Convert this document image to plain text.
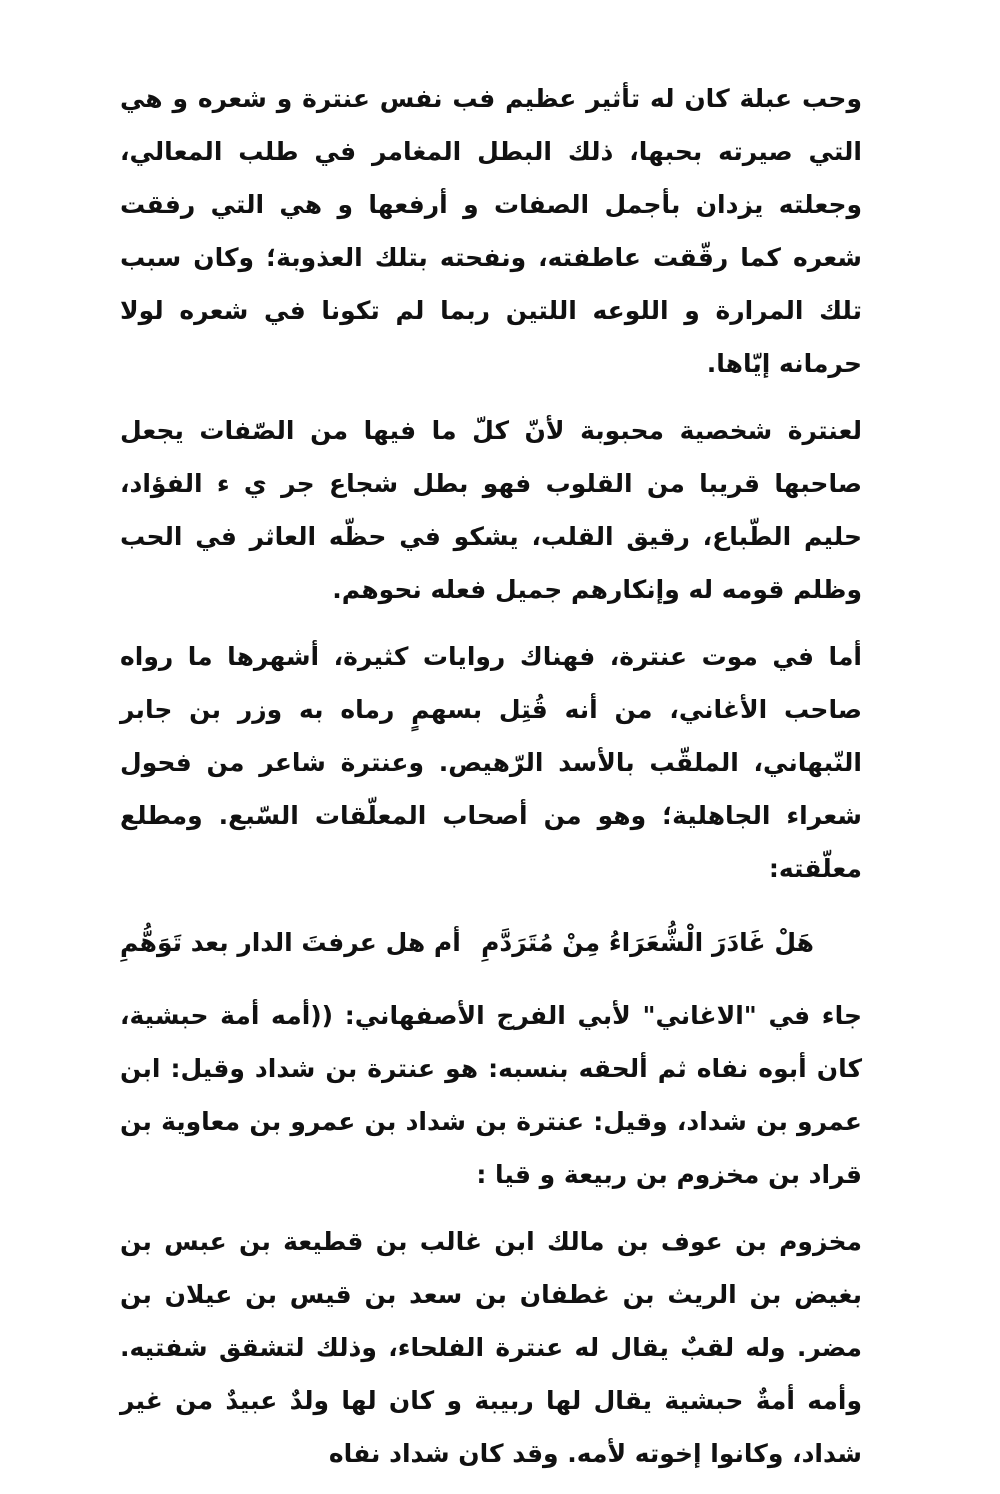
وحب عبلة كان له تأثير عظيم فب نفس عنترة و شعره و هي التي صيرته بحبها، ذلك البطل المغامر في طلب المعالي، وجعلته يزدان بأجمل الصفات و أرفعها و هي التي رفقت شعره كما رقّقت عاطفته، ونفحته بتلك العذوبة؛ وكان سبب تلك المرارة و اللوعه اللتين ربما لم تكونا في شعره لولا حرمانه إيّاها.

لعنترة شخصية محبوبة لأنّ كلّ ما فيها من الصّفات يجعل صاحبها قريبا من القلوب فهو بطل شجاع جر ي ء الفؤاد، حليم الطّباع، رقيق القلب، يشكو في حظّه العاثر في الحب وظلم قومه له وإنكارهم جميل فعله نحوهم.

أما في موت عنترة، فهناك روايات كثيرة، أشهرها ما رواه صاحب الأغاني، من أنه قُتِل بسهمٍ رماه به وزر بن جابر النّبهاني، الملقّب بالأسد الرّهيص. وعنترة شاعر من فحول شعراء الجاهلية؛ وهو من أصحاب المعلّقات السّبع. ومطلع معلّقته:

هَلْ غَادَرَ الْشُّعَرَاءُ مِنْ مُتَرَدَّمِ
أم هل عرفتَ الدار بعد تَوَهُّمِ

جاء في "الاغاني" لأبي الفرج الأصفهاني: ((أمه أمة حبشية، كان أبوه نفاه ثم ألحقه بنسبه: هو عنترة بن شداد وقيل: ابن عمرو بن شداد، وقيل: عنترة بن شداد بن عمرو بن معاوية بن قراد بن مخزوم بن ربيعة و قيا :

مخزوم بن عوف بن مالك ابن غالب بن قطيعة بن عبس بن بغيض بن الريث بن غطفان بن سعد بن قيس بن عيلان بن مضر. وله لقبٌ يقال له عنترة الفلحاء، وذلك لتشقق شفتيه. وأمه أمةٌ حبشية يقال لها ربيبة و كان لها ولدٌ عبيدٌ من غير شداد، وكانوا إخوته لأمه. وقد كان شداد نفاه
